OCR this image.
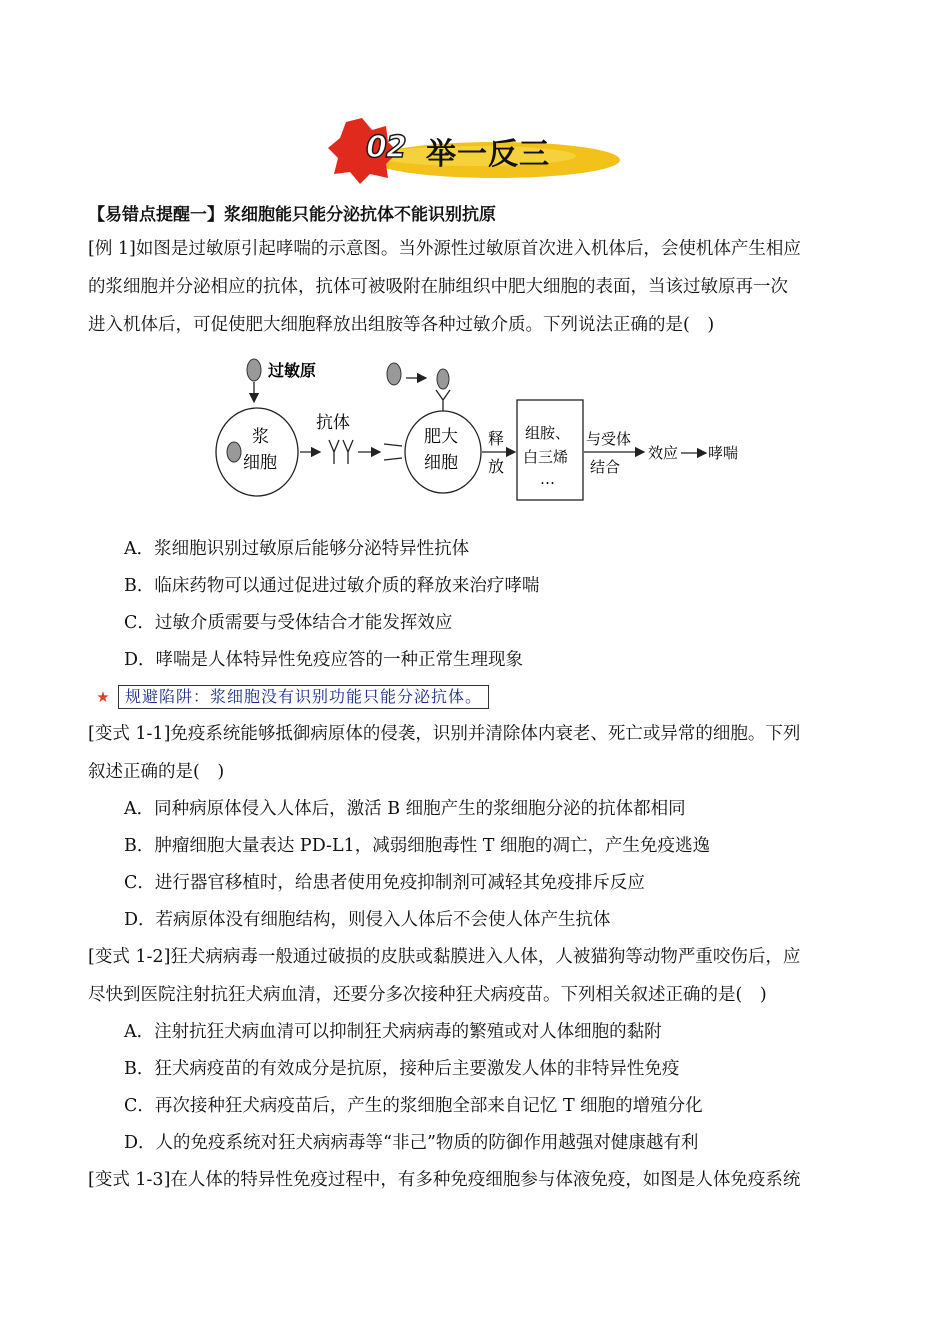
02 举一反三
【易错点提醒一】浆细胞能只能分泌抗体不能识别抗原
[例 1]如图是过敏原引起哮喘的示意图。当外源性过敏原首次进入机体后，会使机体产生相应
的浆细胞并分泌相应的抗体，抗体可被吸附在肺组织中肥大细胞的表面，当该过敏原再一次
进入机体后，可促使肥大细胞释放出组胺等各种过敏介质。下列说法正确的是(　)
过敏原
浆
细胞
抗体
肥大
细胞
释
放
组胺、
白三烯
…
与受体
结合
效应 哮喘
A．浆细胞识别过敏原后能够分泌特异性抗体
B．临床药物可以通过促进过敏介质的释放来治疗哮喘
C．过敏介质需要与受体结合才能发挥效应
D．哮喘是人体特异性免疫应答的一种正常生理现象
★ 规避陷阱：浆细胞没有识别功能只能分泌抗体。
[变式 1-1]免疫系统能够抵御病原体的侵袭，识别并清除体内衰老、死亡或异常的细胞。下列
叙述正确的是(　)
A．同种病原体侵入人体后，激活 B 细胞产生的浆细胞分泌的抗体都相同
B．肿瘤细胞大量表达 PD-L1，减弱细胞毒性 T 细胞的凋亡，产生免疫逃逸
C．进行器官移植时，给患者使用免疫抑制剂可减轻其免疫排斥反应
D．若病原体没有细胞结构，则侵入人体后不会使人体产生抗体
[变式 1-2]狂犬病病毒一般通过破损的皮肤或黏膜进入人体，人被猫狗等动物严重咬伤后，应
尽快到医院注射抗狂犬病血清，还要分多次接种狂犬病疫苗。下列相关叙述正确的是(　)
A．注射抗狂犬病血清可以抑制狂犬病病毒的繁殖或对人体细胞的黏附
B．狂犬病疫苗的有效成分是抗原，接种后主要激发人体的非特异性免疫
C．再次接种狂犬病疫苗后，产生的浆细胞全部来自记忆 T 细胞的增殖分化
D．人的免疫系统对狂犬病病毒等“非己”物质的防御作用越强对健康越有利
[变式 1-3]在人体的特异性免疫过程中，有多种免疫细胞参与体液免疫，如图是人体免疫系统
